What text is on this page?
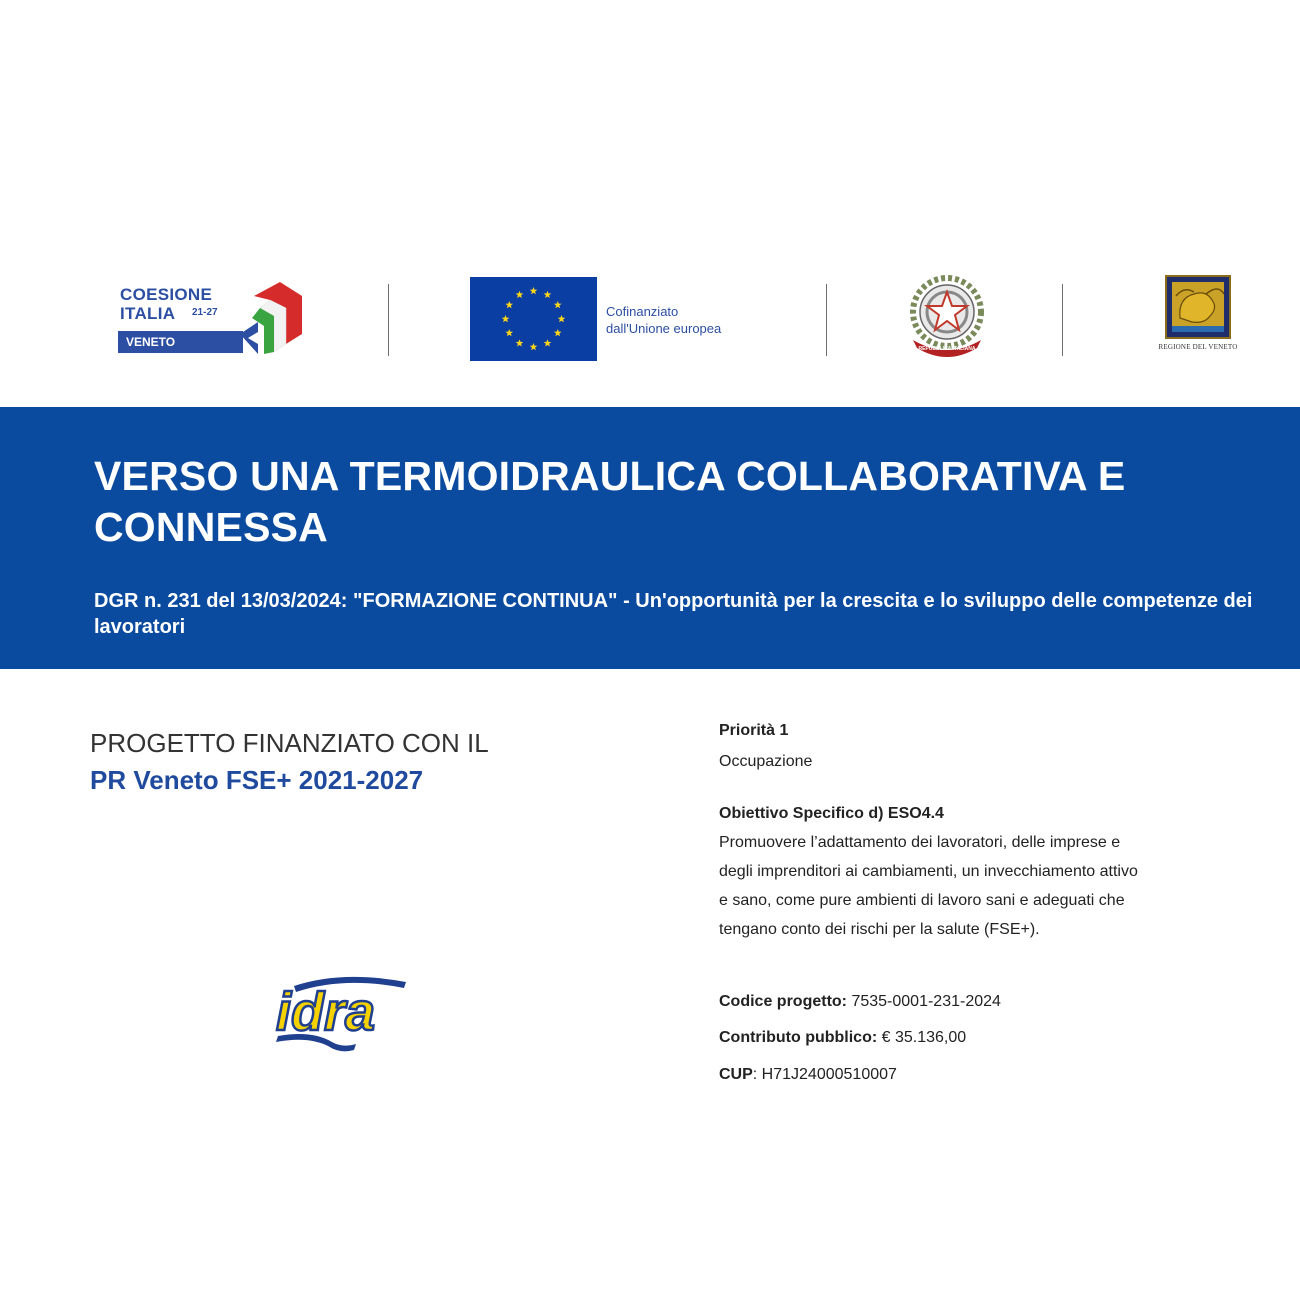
COESIONE
ITALIA 21-27
VENETO
Cofinanziato
dall'Unione europea
REPUBBLICA ITALIANA	REGIONE DEL VENETO
VERSO UNA TERMOIDRAULICA COLLABORATIVA E CONNESSA

DGR n. 231 del 13/03/2024: "FORMAZIONE CONTINUA" - Un'opportunità per la crescita e lo sviluppo delle competenze dei lavoratori

PROGETTO FINANZIATO CON IL

PR Veneto FSE+ 2021-2027

idra
Priorità 1
Occupazione
Obiettivo Specifico d) ESO4.4
Promuovere l’adattamento dei lavoratori, delle imprese e
degli imprenditori ai cambiamenti, un invecchiamento attivo
e sano, come pure ambienti di lavoro sani e adeguati che
tengano conto dei rischi per la salute (FSE+).
Codice progetto: 7535-0001-231-2024
Contributo pubblico: € 35.136,00
CUP: H71J24000510007
